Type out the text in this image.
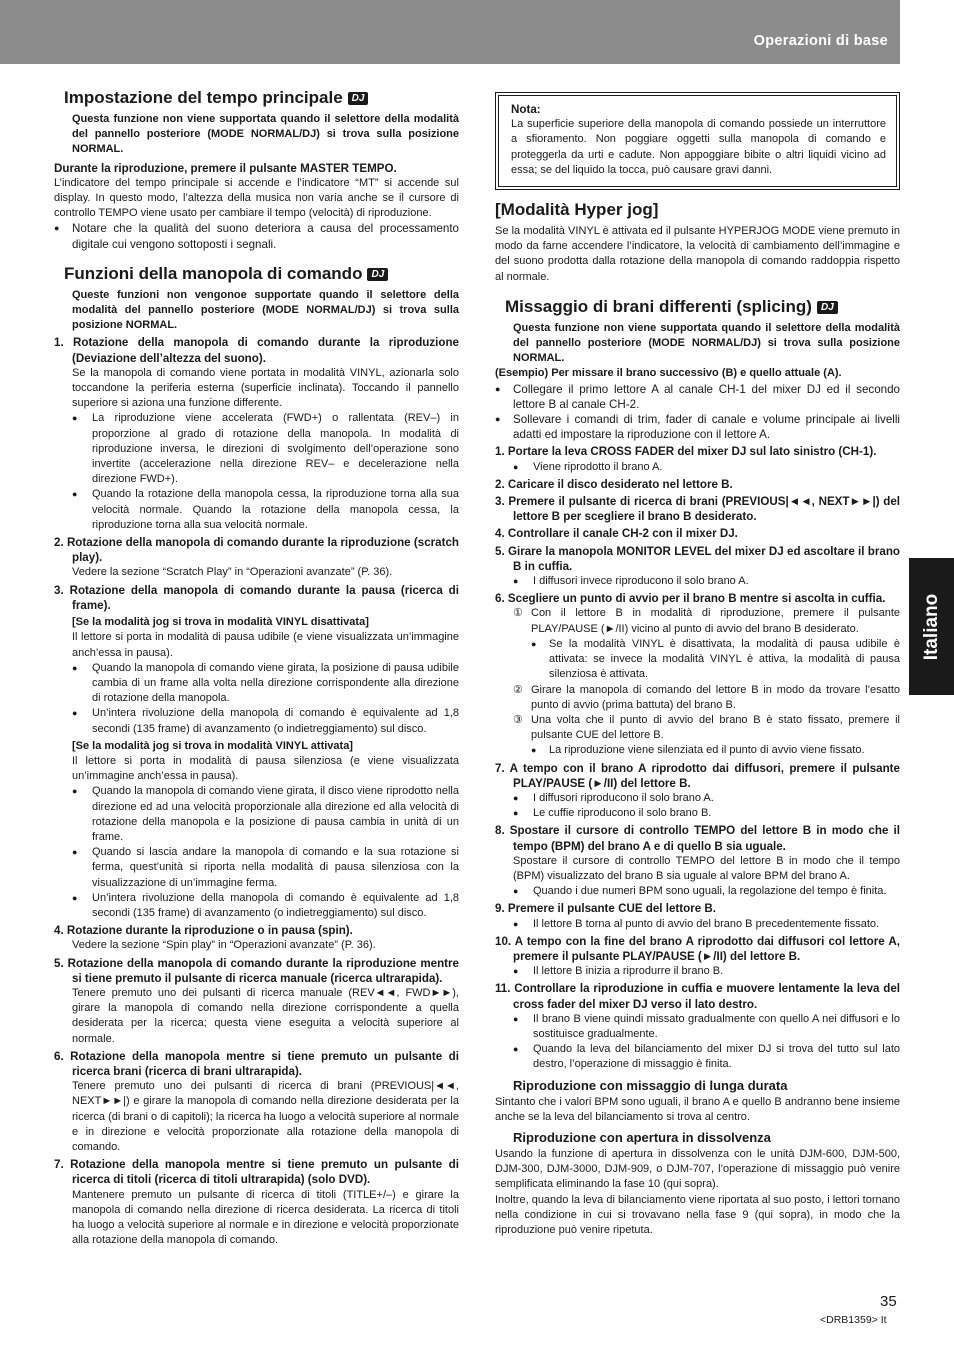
Operazioni di base
Italiano
Impostazione del tempo principale DJ

Questa funzione non viene supportata quando il selettore della modalità del pannello posteriore (MODE NORMAL/DJ) si trova sulla posizione NORMAL.

Durante la riproduzione, premere il pulsante MASTER TEMPO.

L’indicatore del tempo principale si accende e l’indicatore “MT” si accende sul display. In questo modo, l’altezza della musica non varia anche se il cursore di controllo TEMPO viene usato per cambiare il tempo (velocità) di riproduzione.

● Notare che la qualità del suono deteriora a causa del processamento digitale cui vengono sottoposti i segnali.

Funzioni della manopola di comando DJ

Queste funzioni non vengonoe supportate quando il selettore della modalità del pannello posteriore (MODE NORMAL/DJ) si trova sulla posizione NORMAL.

1. Rotazione della manopola di comando durante la riproduzione (Deviazione dell’altezza del suono).

Se la manopola di comando viene portata in modalità VINYL, azionarla solo toccandone la periferia esterna (superficie inclinata). Toccando il pannello superiore si aziona una funzione differente.

● La riproduzione viene accelerata (FWD+) o rallentata (REV–) in proporzione al grado di rotazione della manopola. In modalità di riproduzione inversa, le direzioni di svolgimento dell’operazione sono invertite (accelerazione nella direzione REV– e decelerazione nella direzione FWD+).

● Quando la rotazione della manopola cessa, la riproduzione torna alla sua velocità normale. Quando la rotazione della manopola cessa, la riproduzione torna alla sua velocità normale.

2. Rotazione della manopola di comando durante la riproduzione (scratch play).

Vedere la sezione “Scratch Play” in “Operazioni avanzate” (P. 36).

3. Rotazione della manopola di comando durante la pausa (ricerca di frame).

[Se la modalità jog si trova in modalità VINYL disattivata]

Il lettore si porta in modalità di pausa udibile (e viene visualizzata un’immagine anch’essa in pausa).

● Quando la manopola di comando viene girata, la posizione di pausa udibile cambia di un frame alla volta nella direzione corrispondente alla direzione di rotazione della manopola.

● Un’intera rivoluzione della manopola di comando è equivalente ad 1,8 secondi (135 frame) di avanzamento (o indietreggiamento) sul disco.

[Se la modalità jog si trova in modalità VINYL attivata]

Il lettore si porta in modalità di pausa silenziosa (e viene visualizzata un’immagine anch’essa in pausa).

● Quando la manopola di comando viene girata, il disco viene riprodotto nella direzione ed ad una velocità proporzionale alla direzione ed alla velocità di rotazione della manopola e la posizione di pausa cambia in unità di un frame.

● Quando si lascia andare la manopola di comando e la sua rotazione si ferma, quest’unità si riporta nella modalità di pausa silenziosa con la visualizzazione di un’immagine ferma.

● Un’intera rivoluzione della manopola di comando è equivalente ad 1,8 secondi (135 frame) di avanzamento (o indietreggiamento) sul disco.

4. Rotazione durante la riproduzione o in pausa (spin).

Vedere la sezione “Spin play” in “Operazioni avanzate” (P. 36).

5. Rotazione della manopola di comando durante la riproduzione mentre si tiene premuto il pulsante di ricerca manuale (ricerca ultrarapida).

Tenere premuto uno dei pulsanti di ricerca manuale (REV◄◄, FWD►►), girare la manopola di comando nella direzione corrispondente a quella desiderata per la ricerca; questa viene eseguita a velocità superiore al normale.

6. Rotazione della manopola mentre si tiene premuto un pulsante di ricerca brani (ricerca di brani ultrarapida).

Tenere premuto uno dei pulsanti di ricerca di brani (PREVIOUS|◄◄, NEXT►►|) e girare la manopola di comando nella direzione desiderata per la ricerca (di brani o di capitoli); la ricerca ha luogo a velocità superiore al normale e in direzione e velocità proporzionate alla rotazione della manopola di comando.

7. Rotazione della manopola mentre si tiene premuto un pulsante di ricerca di titoli (ricerca di titoli ultrarapida) (solo DVD).

Mantenere premuto un pulsante di ricerca di titoli (TITLE+/–) e girare la manopola di comando nella direzione di ricerca desiderata. La ricerca di titoli ha luogo a velocità superiore al normale e in direzione e velocità proporzionate alla rotazione della manopola di comando.

Nota:

La superficie superiore della manopola di comando possiede un interruttore a sfioramento. Non poggiare oggetti sulla manopola di comando e proteggerla da urti e cadute. Non appoggiare bibite o altri liquidi vicino ad essa; se del liquido la tocca, può causare gravi danni.

[Modalità Hyper jog]

Se la modalità VINYL è attivata ed il pulsante HYPERJOG MODE viene premuto in modo da farne accendere l’indicatore, la velocità di cambiamento dell’immagine e del suono prodotta dalla rotazione della manopola di comando raddoppia rispetto al normale.

Missaggio di brani differenti (splicing) DJ

Questa funzione non viene supportata quando il selettore della modalità del pannello posteriore (MODE NORMAL/DJ) si trova sulla posizione NORMAL.

(Esempio) Per missare il brano successivo (B) e quello attuale (A).

● Collegare il primo lettore A al canale CH-1 del mixer DJ ed il secondo lettore B al canale CH-2.

● Sollevare i comandi di trim, fader di canale e volume principale ai livelli adatti ed impostare la riproduzione con il lettore A.

1. Portare la leva CROSS FADER del mixer DJ sul lato sinistro (CH-1).

● Viene riprodotto il brano A.

2. Caricare il disco desiderato nel lettore B.

3. Premere il pulsante di ricerca di brani (PREVIOUS|◄◄, NEXT►►|) del lettore B per scegliere il brano B desiderato.

4. Controllare il canale CH-2 con il mixer DJ.

5. Girare la manopola MONITOR LEVEL del mixer DJ ed ascoltare il brano B in cuffia.

● I diffusori invece riproducono il solo brano A.

6. Scegliere un punto di avvio per il brano B mentre si ascolta in cuffia.

① Con il lettore B in modalità di riproduzione, premere il pulsante PLAY/PAUSE (►/II) vicino al punto di avvio del brano B desiderato.

● Se la modalità VINYL è disattivata, la modalità di pausa udibile è attivata: se invece la modalità VINYL è attiva, la modalità di pausa silenziosa è attivata.

② Girare la manopola di comando del lettore B in modo da trovare l’esatto punto di avvio (prima battuta) del brano B.

③ Una volta che il punto di avvio del brano B è stato fissato, premere il pulsante CUE del lettore B.

● La riproduzione viene silenziata ed il punto di avvio viene fissato.

7. A tempo con il brano A riprodotto dai diffusori, premere il pulsante PLAY/PAUSE (►/II) del lettore B.

● I diffusori riproducono il solo brano A.

● Le cuffie riproducono il solo brano B.

8. Spostare il cursore di controllo TEMPO del lettore B in modo che il tempo (BPM) del brano A e di quello B sia uguale.

Spostare il cursore di controllo TEMPO del lettore B in modo che il tempo (BPM) visualizzato del brano B sia uguale al valore BPM del brano A.

● Quando i due numeri BPM sono uguali, la regolazione del tempo è finita.

9. Premere il pulsante CUE del lettore B.

● Il lettore B torna al punto di avvio del brano B precedentemente fissato.

10. A tempo con la fine del brano A riprodotto dai diffusori col lettore A, premere il pulsante PLAY/PAUSE (►/II) del lettore B.

● Il lettore B inizia a riprodurre il brano B.

11. Controllare la riproduzione in cuffia e muovere lentamente la leva del cross fader del mixer DJ verso il lato destro.

● Il brano B viene quindi missato gradualmente con quello A nei diffusori e lo sostituisce gradualmente.

● Quando la leva del bilanciamento del mixer DJ si trova del tutto sul lato destro, l’operazione di missaggio è finita.

Riproduzione con missaggio di lunga durata

Sintanto che i valori BPM sono uguali, il brano A e quello B andranno bene insieme anche se la leva del bilanciamento si trova al centro.

Riproduzione con apertura in dissolvenza

Usando la funzione di apertura in dissolvenza con le unità DJM-600, DJM-500, DJM-300, DJM-3000, DJM-909, o DJM-707, l’operazione di missaggio può venire semplificata eliminando la fase 10 (qui sopra).

Inoltre, quando la leva di bilanciamento viene riportata al suo posto, i lettori tornano nella condizione in cui si trovavano nella fase 9 (qui sopra), in modo che la riproduzione può venire ripetuta.

35
<DRB1359> It
